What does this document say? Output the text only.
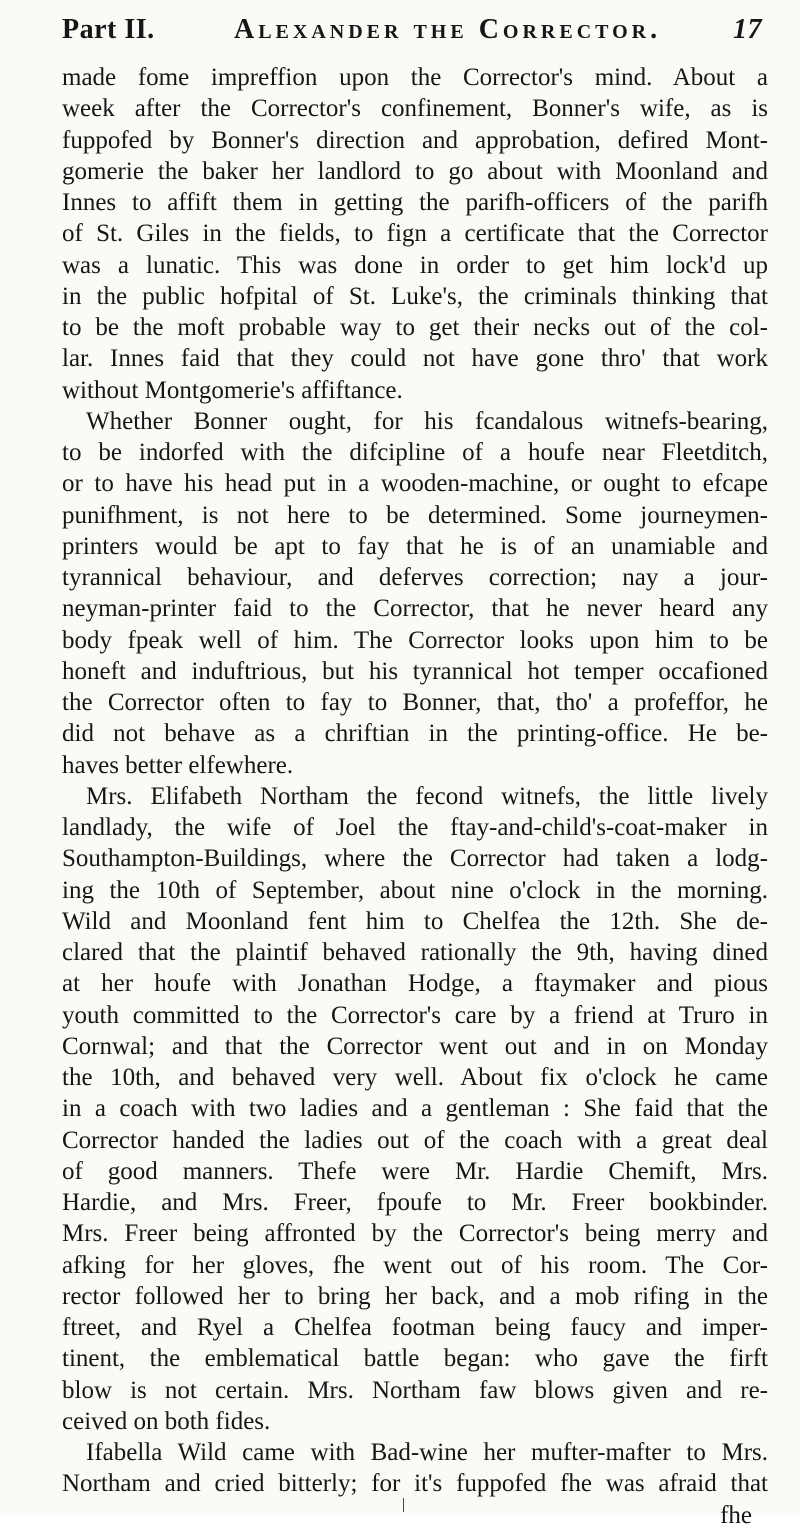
Part II.	Alexander the Corrector.	17
made fome impreffion upon the Corrector's mind. About a
week after the Corrector's confinement, Bonner's wife, as is
fuppofed by Bonner's direction and approbation, defired Mont-
gomerie the baker her landlord to go about with Moonland and
Innes to affift them in getting the parifh-officers of the parifh
of St. Giles in the fields, to fign a certificate that the Corrector
was a lunatic. This was done in order to get him lock'd up
in the public hofpital of St. Luke's, the criminals thinking that
to be the moft probable way to get their necks out of the col-
lar. Innes faid that they could not have gone thro' that work
without Montgomerie's affiftance.
Whether Bonner ought, for his fcandalous witnefs-bearing,
to be indorfed with the difcipline of a houfe near Fleetditch,
or to have his head put in a wooden-machine, or ought to efcape
punifhment, is not here to be determined. Some journeymen-
printers would be apt to fay that he is of an unamiable and
tyrannical behaviour, and deferves correction; nay a jour-
neyman-printer faid to the Corrector, that he never heard any
body fpeak well of him. The Corrector looks upon him to be
honeft and induftrious, but his tyrannical hot temper occafioned
the Corrector often to fay to Bonner, that, tho' a profeffor, he
did not behave as a chriftian in the printing-office. He be-
haves better elfewhere.
Mrs. Elifabeth Northam the fecond witnefs, the little lively
landlady, the wife of Joel the ftay-and-child's-coat-maker in
Southampton-Buildings, where the Corrector had taken a lodg-
ing the 10th of September, about nine o'clock in the morning.
Wild and Moonland fent him to Chelfea the 12th. She de-
clared that the plaintif behaved rationally the 9th, having dined
at her houfe with Jonathan Hodge, a ftaymaker and pious
youth committed to the Corrector's care by a friend at Truro in
Cornwal; and that the Corrector went out and in on Monday
the 10th, and behaved very well. About fix o'clock he came
in a coach with two ladies and a gentleman : She faid that the
Corrector handed the ladies out of the coach with a great deal
of good manners. Thefe were Mr. Hardie Chemift, Mrs.
Hardie, and Mrs. Freer, fpoufe to Mr. Freer bookbinder.
Mrs. Freer being affronted by the Corrector's being merry and
afking for her gloves, fhe went out of his room. The Cor-
rector followed her to bring her back, and a mob rifing in the
ftreet, and Ryel a Chelfea footman being faucy and imper-
tinent, the emblematical battle began: who gave the firft
blow is not certain. Mrs. Northam faw blows given and re-
ceived on both fides.
Ifabella Wild came with Bad-wine her mufter-mafter to Mrs.
Northam and cried bitterly; for it's fuppofed fhe was afraid that
fhe
